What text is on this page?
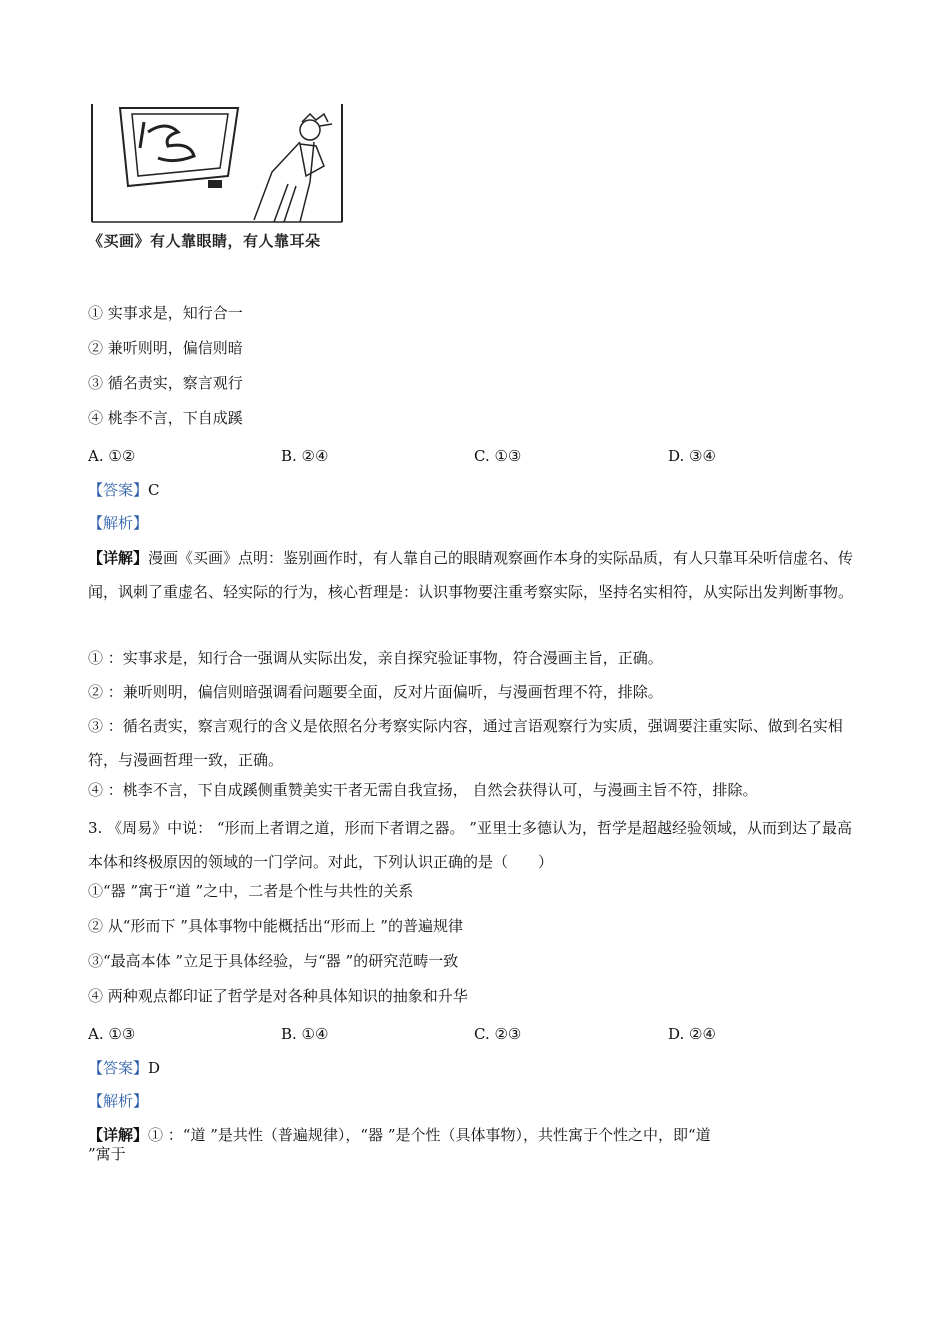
《买画》有人靠眼睛，有人靠耳朵
① 实事求是，知行合一
② 兼听则明，偏信则暗
③ 循名责实，察言观行
④ 桃李不言，下自成蹊
A. ①②	B. ②④	C. ①③	D. ③④
【答案】C
【解析】
【详解】漫画《买画》点明：鉴别画作时，有人靠自己的眼睛观察画作本身的实际品质，有人只靠耳朵听信虚名、传闻，讽刺了重虚名、轻实际的行为，核心哲理是：认识事物要注重考察实际，坚持名实相符，从实际出发判断事物。
① ：实事求是，知行合一强调从实际出发，亲自探究验证事物，符合漫画主旨，正确。
② ：兼听则明，偏信则暗强调看问题要全面，反对片面偏听，与漫画哲理不符，排除。
③ ：循名责实，察言观行的含义是依照名分考察实际内容，通过言语观察行为实质，强调要注重实际、做到名实相符，与漫画哲理一致，正确。
④ ：桃李不言，下自成蹊侧重赞美实干者无需自我宣扬， 自然会获得认可，与漫画主旨不符，排除。
3. 《周易》中说： “形而上者谓之道，形而下者谓之器。 ”亚里士多德认为，哲学是超越经验领域，从而到达了最高本体和终极原因的领域的一门学问。对此，下列认识正确的是（　　）
①“器 ”寓于“道 ”之中，二者是个性与共性的关系
② 从“形而下 ”具体事物中能概括出“形而上 ”的普遍规律
③“最高本体 ”立足于具体经验，与“器 ”的研究范畴一致
④ 两种观点都印证了哲学是对各种具体知识的抽象和升华
A. ①③	B. ①④	C. ②③	D. ②④
【答案】D
【解析】
【详解】① ：“道 ”是共性（普遍规律），“器 ”是个性（具体事物），共性寓于个性之中，即“道
”寓于
